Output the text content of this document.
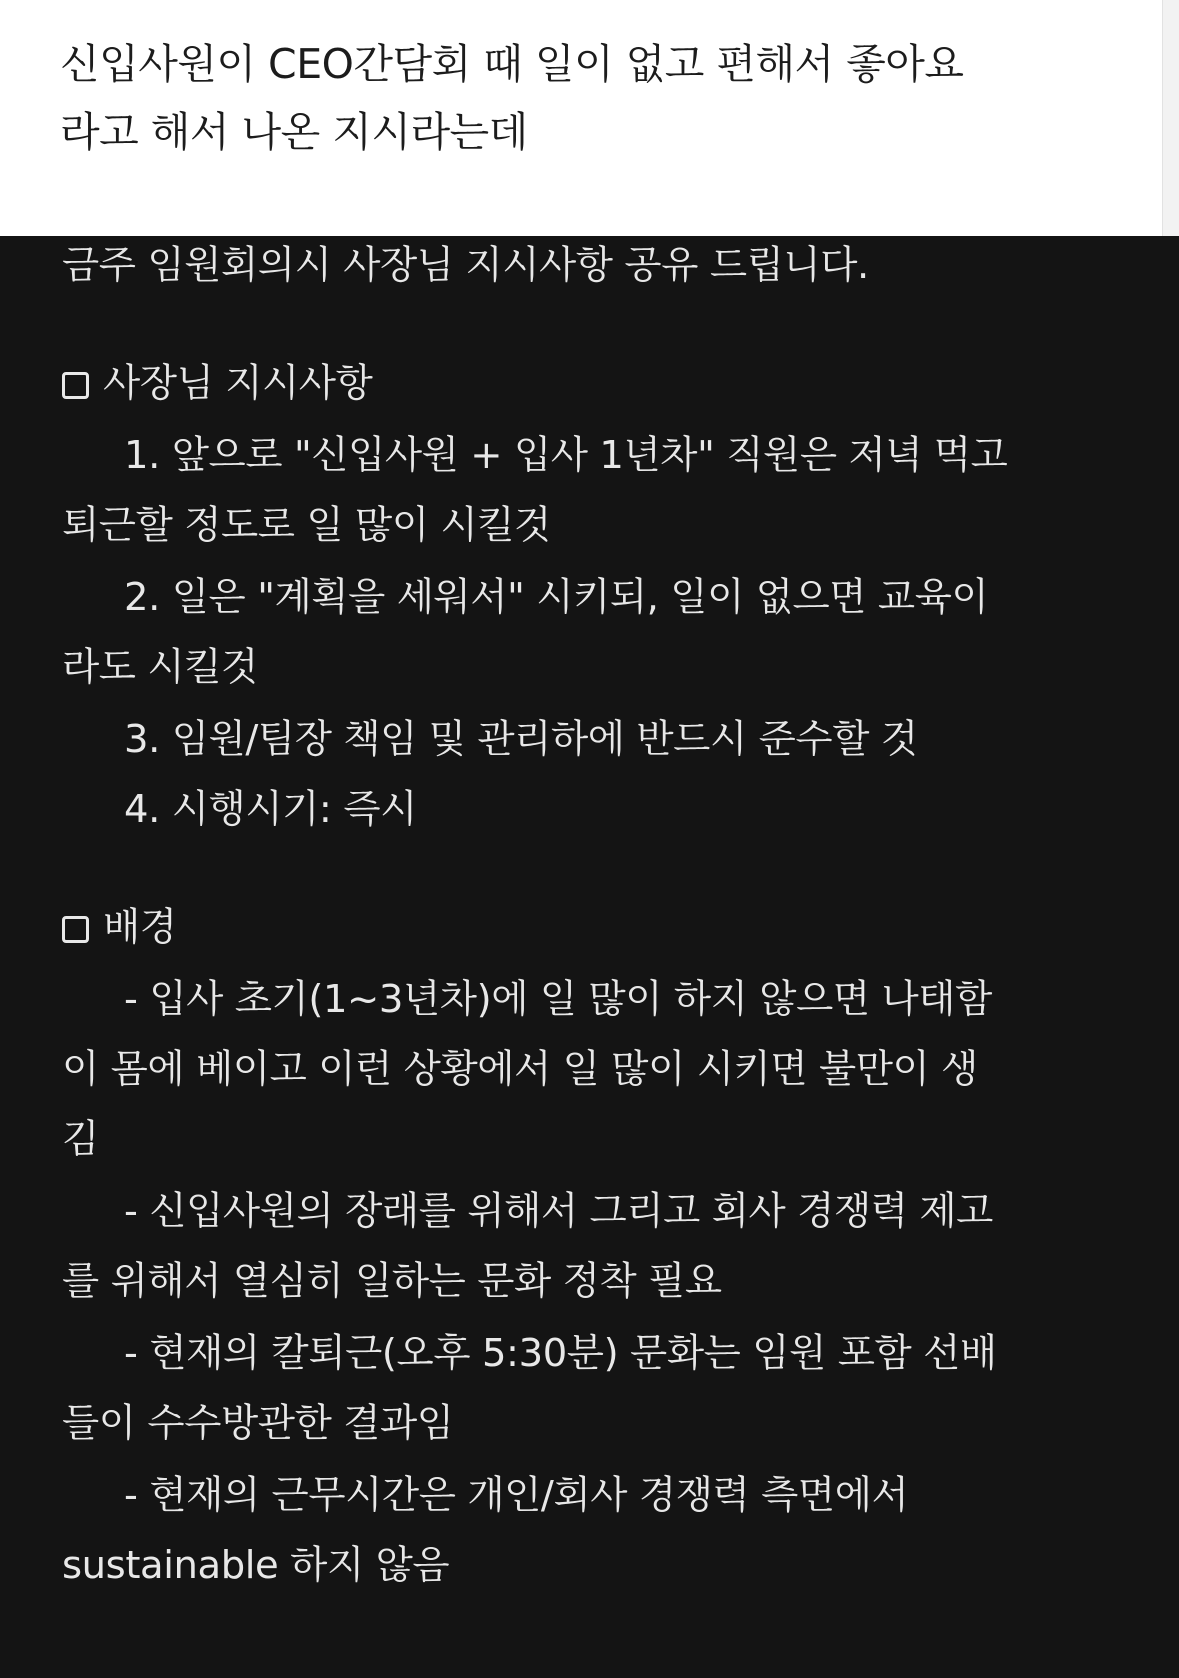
신입사원이 CEO간담회 때 일이 없고 편해서 좋아요
라고 해서 나온 지시라는데
금주 임원회의시 사장님 지시사항 공유 드립니다.
사장님 지시사항
1. 앞으로 "신입사원 + 입사 1년차" 직원은 저녁 먹고
퇴근할 정도로 일 많이 시킬것
2. 일은 "계획을 세워서" 시키되, 일이 없으면 교육이
라도 시킬것
3. 임원/팀장 책임 및 관리하에 반드시 준수할 것
4. 시행시기: 즉시
배경
- 입사 초기(1~3년차)에 일 많이 하지 않으면 나태함
이 몸에 베이고 이런 상황에서 일 많이 시키면 불만이 생
김
- 신입사원의 장래를 위해서 그리고 회사 경쟁력 제고
를 위해서 열심히 일하는 문화 정착 필요
- 현재의 칼퇴근(오후 5:30분) 문화는 임원 포함 선배
들이 수수방관한 결과임
- 현재의 근무시간은 개인/회사 경쟁력 측면에서
sustainable 하지 않음
